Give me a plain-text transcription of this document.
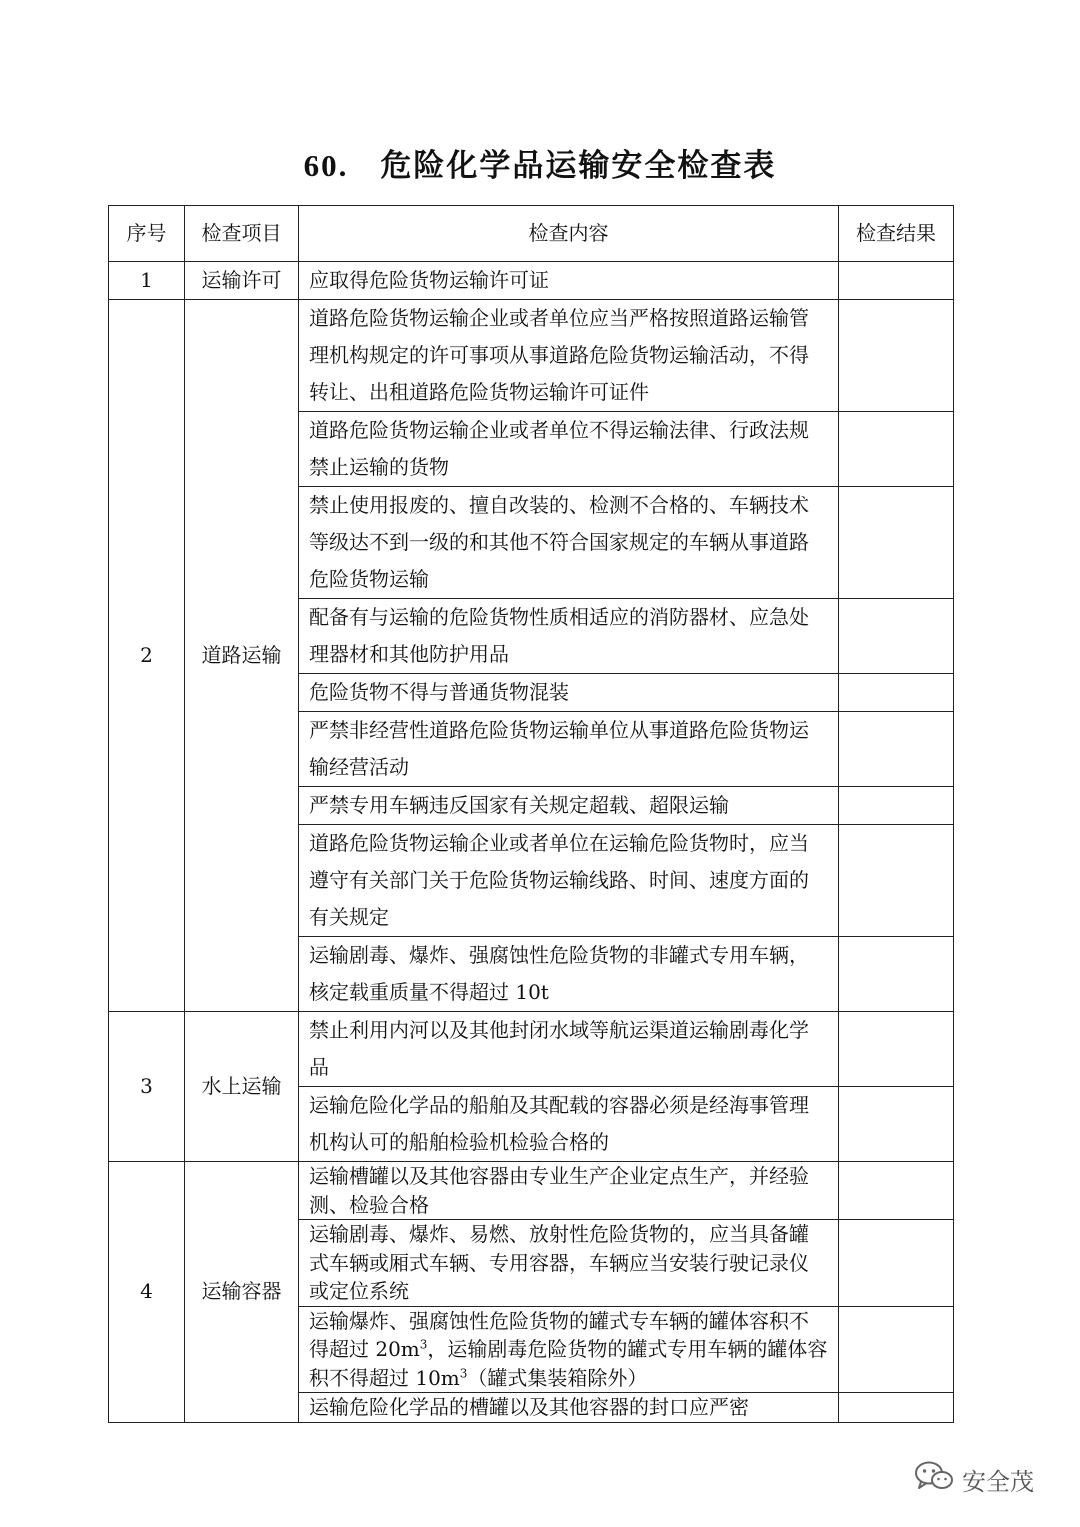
60. 危险化学品运输安全检查表
序号	检查项目	检查内容	检查结果
1	运输许可	应取得危险货物运输许可证	
2	道路运输	道路危险货物运输企业或者单位应当严格按照道路运输管理机构规定的许可事项从事道路危险货物运输活动，不得转让、出租道路危险货物运输许可证件	
		道路危险货物运输企业或者单位不得运输法律、行政法规禁止运输的货物	
		禁止使用报废的、擅自改装的、检测不合格的、车辆技术等级达不到一级的和其他不符合国家规定的车辆从事道路危险货物运输	
		配备有与运输的危险货物性质相适应的消防器材、应急处理器材和其他防护用品	
		危险货物不得与普通货物混装	
		严禁非经营性道路危险货物运输单位从事道路危险货物运输经营活动	
		严禁专用车辆违反国家有关规定超载、超限运输	
		道路危险货物运输企业或者单位在运输危险货物时，应当遵守有关部门关于危险货物运输线路、时间、速度方面的有关规定	
		运输剧毒、爆炸、强腐蚀性危险货物的非罐式专用车辆，核定载重质量不得超过 10t	
3	水上运输	禁止利用内河以及其他封闭水域等航运渠道运输剧毒化学品	
		运输危险化学品的船舶及其配载的容器必须是经海事管理机构认可的船舶检验机检验合格的	
4	运输容器	运输槽罐以及其他容器由专业生产企业定点生产，并经验测、检验合格	
		运输剧毒、爆炸、易燃、放射性危险货物的，应当具备罐式车辆或厢式车辆、专用容器，车辆应当安装行驶记录仪或定位系统	
		运输爆炸、强腐蚀性危险货物的罐式专车辆的罐体容积不得超过 $20m^3$，运输剧毒危险货物的罐式专用车辆的罐体容积不得超过 $10m^3$（罐式集装箱除外）	
		运输危险化学品的槽罐以及其他容器的封口应严密	
安全茂
